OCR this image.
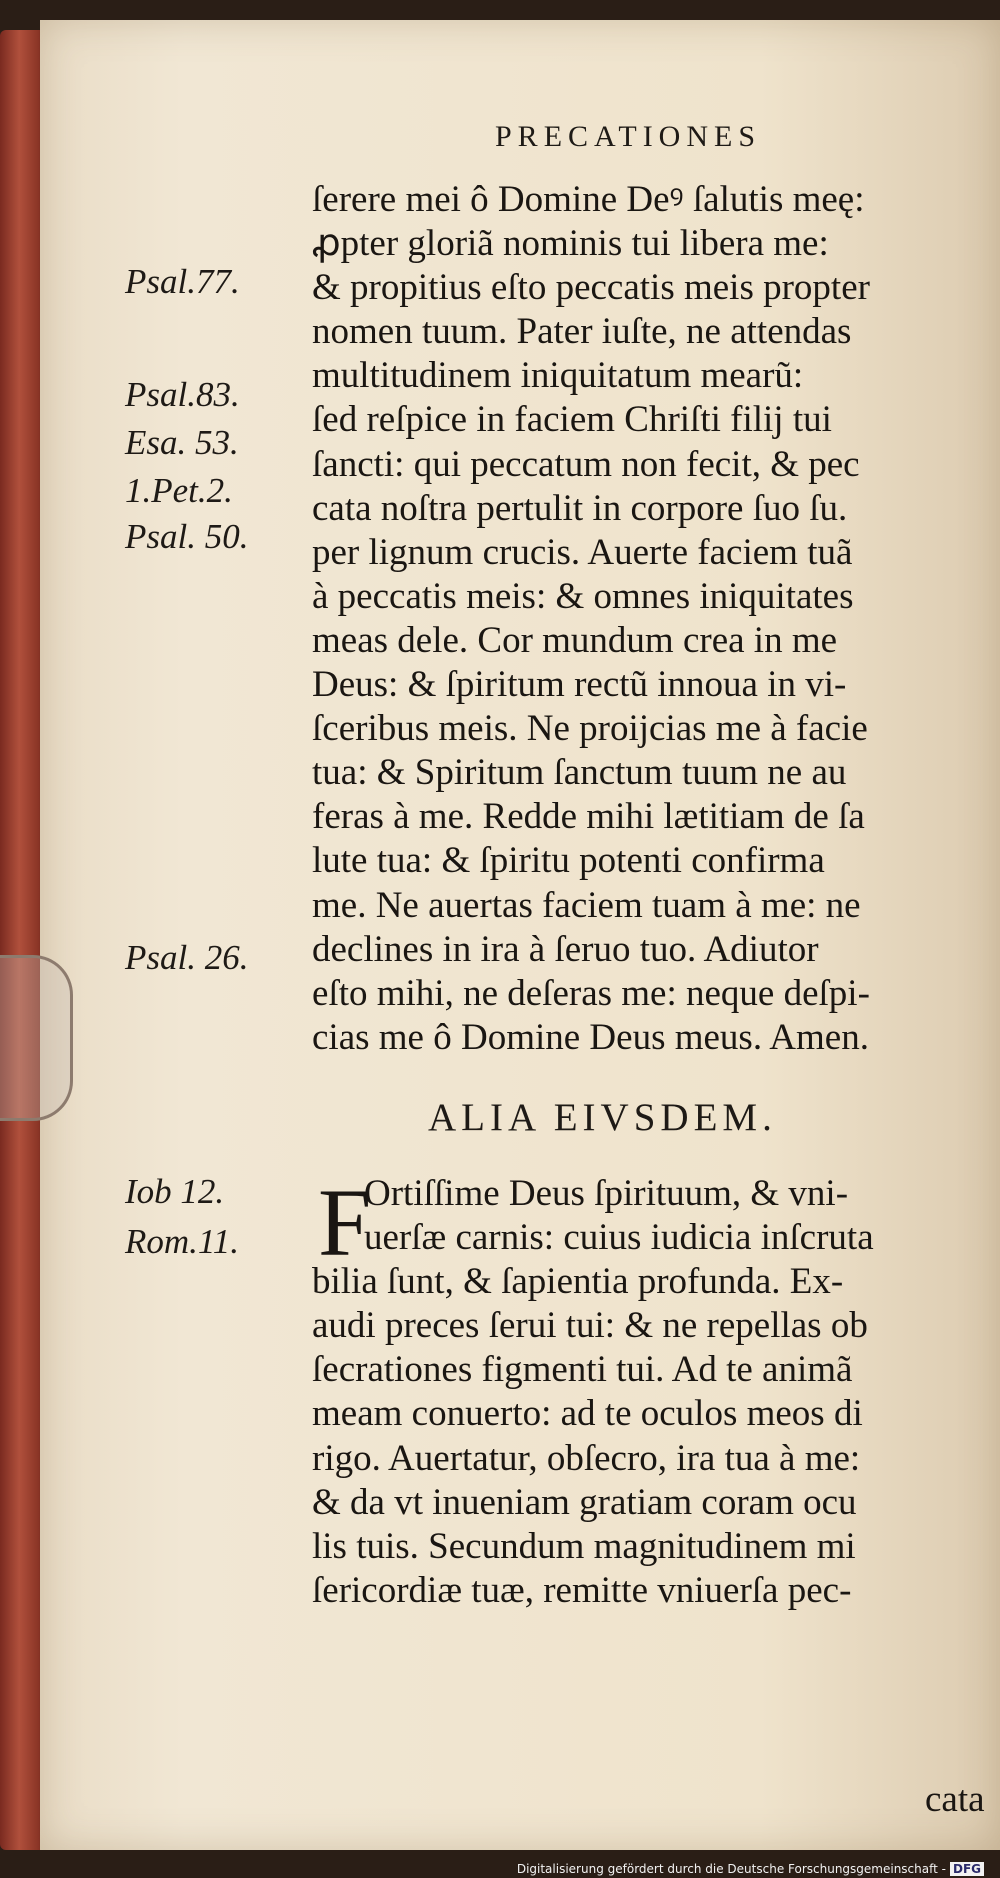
PRECATIONES
Psal.77.
Psal.83.
Esa. 53.
1.Pet.2.
Psal. 50.
Psal. 26.
Iob 12.
Rom.11.
ſerere mei ô Domine Deꝰ ſalutis meę:
ꝓpter gloriã nominis tui libera me:
& propitius eſto peccatis meis propter
nomen tuum. Pater iuſte, ne attendas
multitudinem iniquitatum mearũ:
ſed reſpice in faciem Chriſti filij tui
ſancti: qui peccatum non fecit, & pec
cata noſtra pertulit in corpore ſuo ſu.
per lignum crucis. Auerte faciem tuã
à peccatis meis: & omnes iniquitates
meas dele. Cor mundum crea in me
Deus: & ſpiritum rectũ innoua in vi-
ſceribus meis. Ne proijcias me à facie
tua: & Spiritum ſanctum tuum ne au
feras à me. Redde mihi lætitiam de ſa
lute tua: & ſpiritu potenti confirma
me. Ne auertas faciem tuam à me: ne
declines in ira à ſeruo tuo. Adiutor
eſto mihi, ne deſeras me: neque deſpi-
cias me ô Domine Deus meus. Amen.
ALIA EIVSDEM.
F
Ortiſſime Deus ſpirituum, & vni-
uerſæ carnis: cuius iudicia inſcruta
bilia ſunt, & ſapientia profunda. Ex-
audi preces ſerui tui: & ne repellas ob
ſecrationes figmenti tui. Ad te animã
meam conuerto: ad te oculos meos di
rigo. Auertatur, obſecro, ira tua à me:
& da vt inueniam gratiam coram ocu
lis tuis. Secundum magnitudinem mi
ſericordiæ tuæ, remitte vniuerſa pec-
cata
Digitalisierung gefördert durch die Deutsche Forschungsgemeinschaft - DFG
